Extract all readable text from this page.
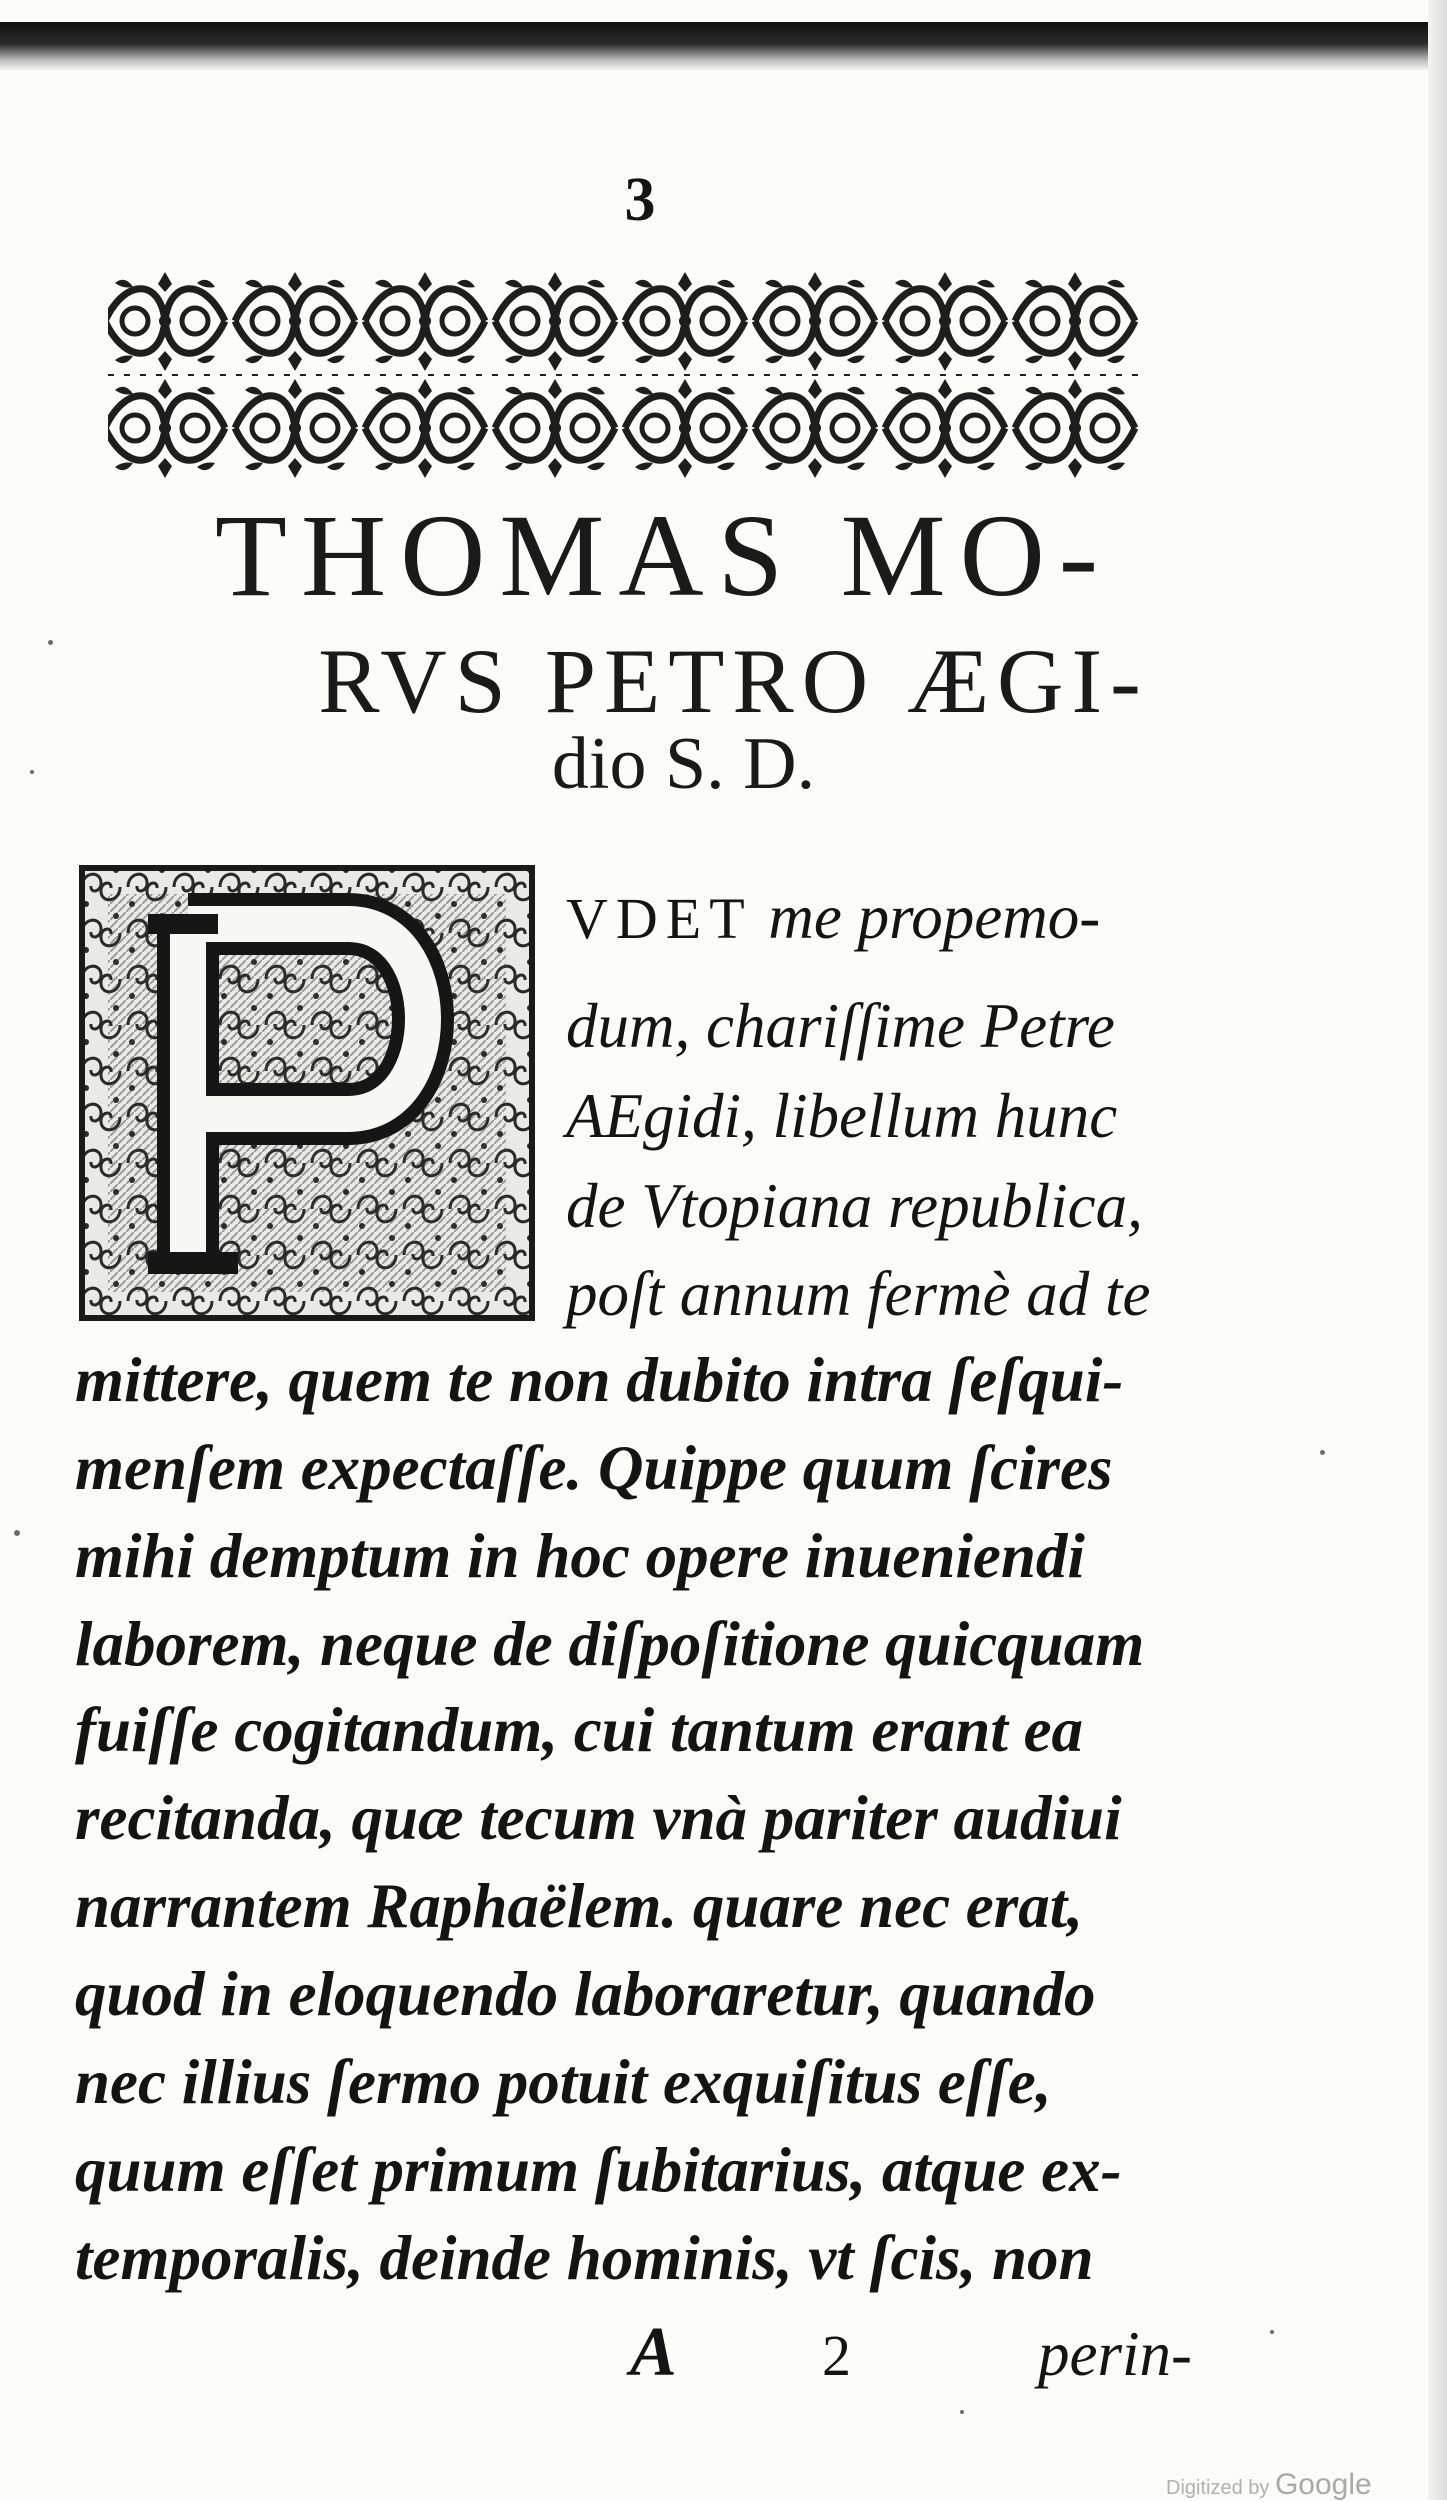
3
THOMAS MO-
RVS PETRO ÆGI-
dio S. D.
VDET me propemo-
dum, chariſſime Petre
AEgidi, libellum hunc
de Vtopiana republica,
poſt annum fermè ad te
mittere, quem te non dubito intra ſeſqui-
menſem expectaſſe. Quippe quum ſcires
mihi demptum in hoc opere inueniendi
laborem, neque de diſpoſitione quicquam
fuiſſe cogitandum, cui tantum erant ea
recitanda, quæ tecum vnà pariter audiui
narrantem Raphaëlem. quare nec erat,
quod in eloquendo laboraretur, quando
nec illius ſermo potuit exquiſitus eſſe,
quum eſſet primum ſubitarius, atque ex-
temporalis, deinde hominis, vt ſcis, non
A	2	perin-
Digitized by Google
